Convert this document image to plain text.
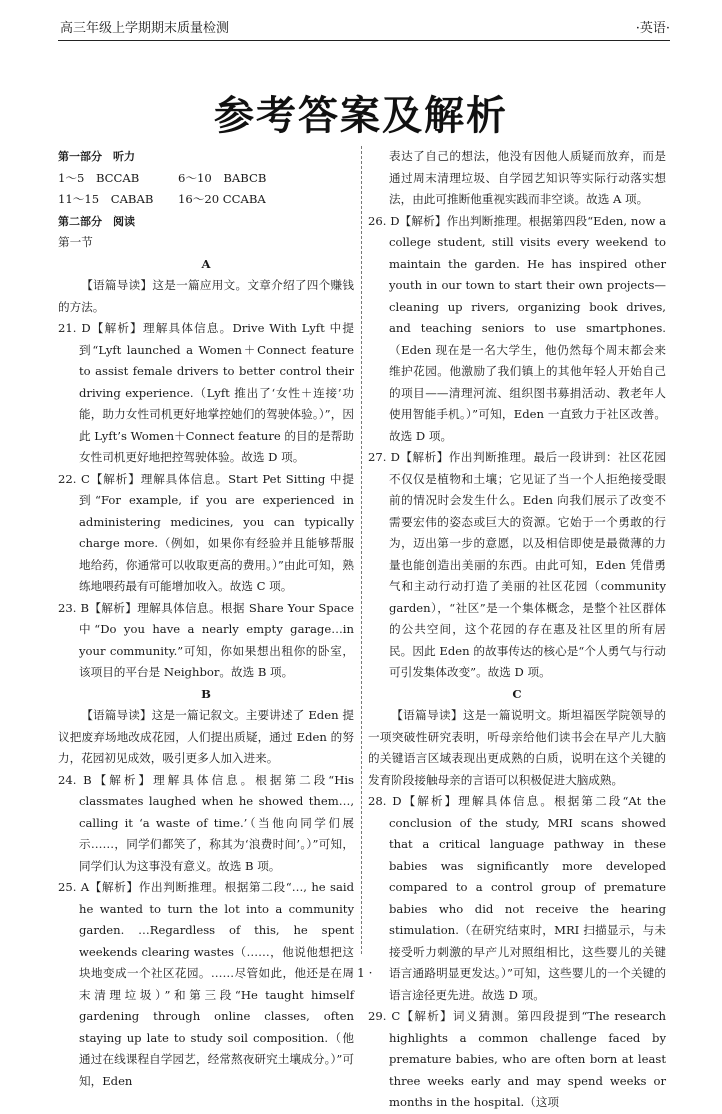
高三年级上学期期末质量检测	·英语·
参考答案及解析
第一部分　听力
1～5　BCCAB	6～10　BABCB
11～15　CABAB 16～20 CCABA
第二部分　阅读
第一节
A
【语篇导读】这是一篇应用文。文章介绍了四个赚钱的方法。
21. D【解析】理解具体信息。Drive With Lyft 中提到“Lyft launched a Women＋Connect feature to assist female drivers to better control their driving experience.（Lyft 推出了‘女性＋连接’功能，助力女性司机更好地掌控她们的驾驶体验。）”，因此 Lyft’s Women＋Connect feature 的目的是帮助女性司机更好地把控驾驶体验。故选 D 项。
22. C【解析】理解具体信息。Start Pet Sitting 中提到“For example, if you are experienced in administering medicines, you can typically charge more.（例如，如果你有经验并且能够帮服地给药，你通常可以收取更高的费用。）”由此可知，熟练地喂药最有可能增加收入。故选 C 项。
23. B【解析】理解具体信息。根据 Share Your Space 中“Do you have a nearly empty garage…in your community.”可知，你如果想出租你的卧室，该项目的平台是 Neighbor。故选 B 项。
B
【语篇导读】这是一篇记叙文。主要讲述了 Eden 提议把废弃场地改成花园，人们提出质疑，通过 Eden 的努力，花园初见成效，吸引更多人加入进来。
24. B【解析】理解具体信息。根据第二段“His classmates laughed when he showed them…, calling it ‘a waste of time.’（当他向同学们展示……，同学们都笑了，称其为‘浪费时间’。）”可知，同学们认为这事没有意义。故选 B 项。
25. A【解析】作出判断推理。根据第二段“…, he said he wanted to turn the lot into a community garden. …Regardless of this, he spent weekends clearing wastes（……，他说他想把这块地变成一个社区花园。……尽管如此，他还是在周末清理垃圾）”和第三段“He taught himself gardening through online classes, often staying up late to study soil composition.（他通过在线课程自学园艺，经常熬夜研究土壤成分。）”可知，Eden
表达了自己的想法，他没有因他人质疑而放弃，而是通过周末清理垃圾、自学园艺知识等实际行动落实想法，由此可推断他重视实践而非空谈。故选 A 项。
26. D【解析】作出判断推理。根据第四段“Eden, now a college student, still visits every weekend to maintain the garden. He has inspired other youth in our town to start their own projects—cleaning up rivers, organizing book drives, and teaching seniors to use smartphones.（Eden 现在是一名大学生，他仍然每个周末都会来维护花园。他激励了我们镇上的其他年轻人开始自己的项目——清理河流、组织图书募捐活动、教老年人使用智能手机。）”可知，Eden 一直致力于社区改善。故选 D 项。
27. D【解析】作出判断推理。最后一段讲到：社区花园不仅仅是植物和土壤；它见证了当一个人拒绝接受眼前的情况时会发生什么。Eden 向我们展示了改变不需要宏伟的姿态或巨大的资源。它始于一个勇敢的行为，迈出第一步的意愿，以及相信即使是最微薄的力量也能创造出美丽的东西。由此可知，Eden 凭借勇气和主动行动打造了美丽的社区花园（community garden），“社区”是一个集体概念，是整个社区群体的公共空间，这个花园的存在惠及社区里的所有居民。因此 Eden 的故事传达的核心是“个人勇气与行动可引发集体改变”。故选 D 项。
C
【语篇导读】这是一篇说明文。斯坦福医学院领导的一项突破性研究表明，听母亲给他们读书会在早产儿大脑的关键语言区域表现出更成熟的白质，说明在这个关键的发育阶段接触母亲的言语可以积极促进大脑成熟。
28. D【解析】理解具体信息。根据第二段“At the conclusion of the study, MRI scans showed that a critical language pathway in these babies was significantly more developed compared to a control group of premature babies who did not receive the hearing stimulation.（在研究结束时，MRI 扫描显示，与未接受听力刺激的早产儿对照组相比，这些婴儿的关键语言通路明显更发达。）”可知，这些婴儿的一个关键的语言途径更先进。故选 D 项。
29. C【解析】词义猜测。第四段提到“The research highlights a common challenge faced by premature babies, who are often born at least three weeks early and may spend weeks or months in the hospital.（这项
· 1 ·
